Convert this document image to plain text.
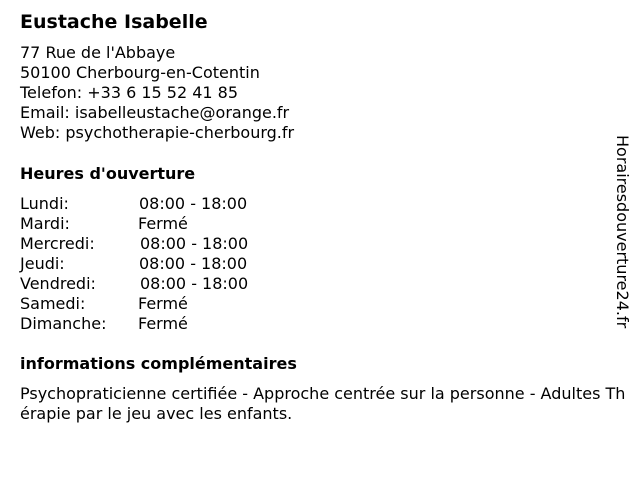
Eustache Isabelle
77 Rue de l'Abbaye
50100 Cherbourg-en-Cotentin
Telefon: +33 6 15 52 41 85
Email: isabelleustache@orange.fr
Web: psychotherapie-cherbourg.fr
Heures d'ouverture
Lundi:	08:00 - 18:00
Mardi:	Fermé
Mercredi:	08:00 - 18:00
Jeudi:	08:00 - 18:00
Vendredi:	08:00 - 18:00
Samedi:	Fermé
Dimanche: Fermé
informations complémentaires

Psychopraticienne certifiée - Approche centrée sur la personne - Adultes Thérapie par le jeu avec les enfants.

Horairesdouverture24.fr
